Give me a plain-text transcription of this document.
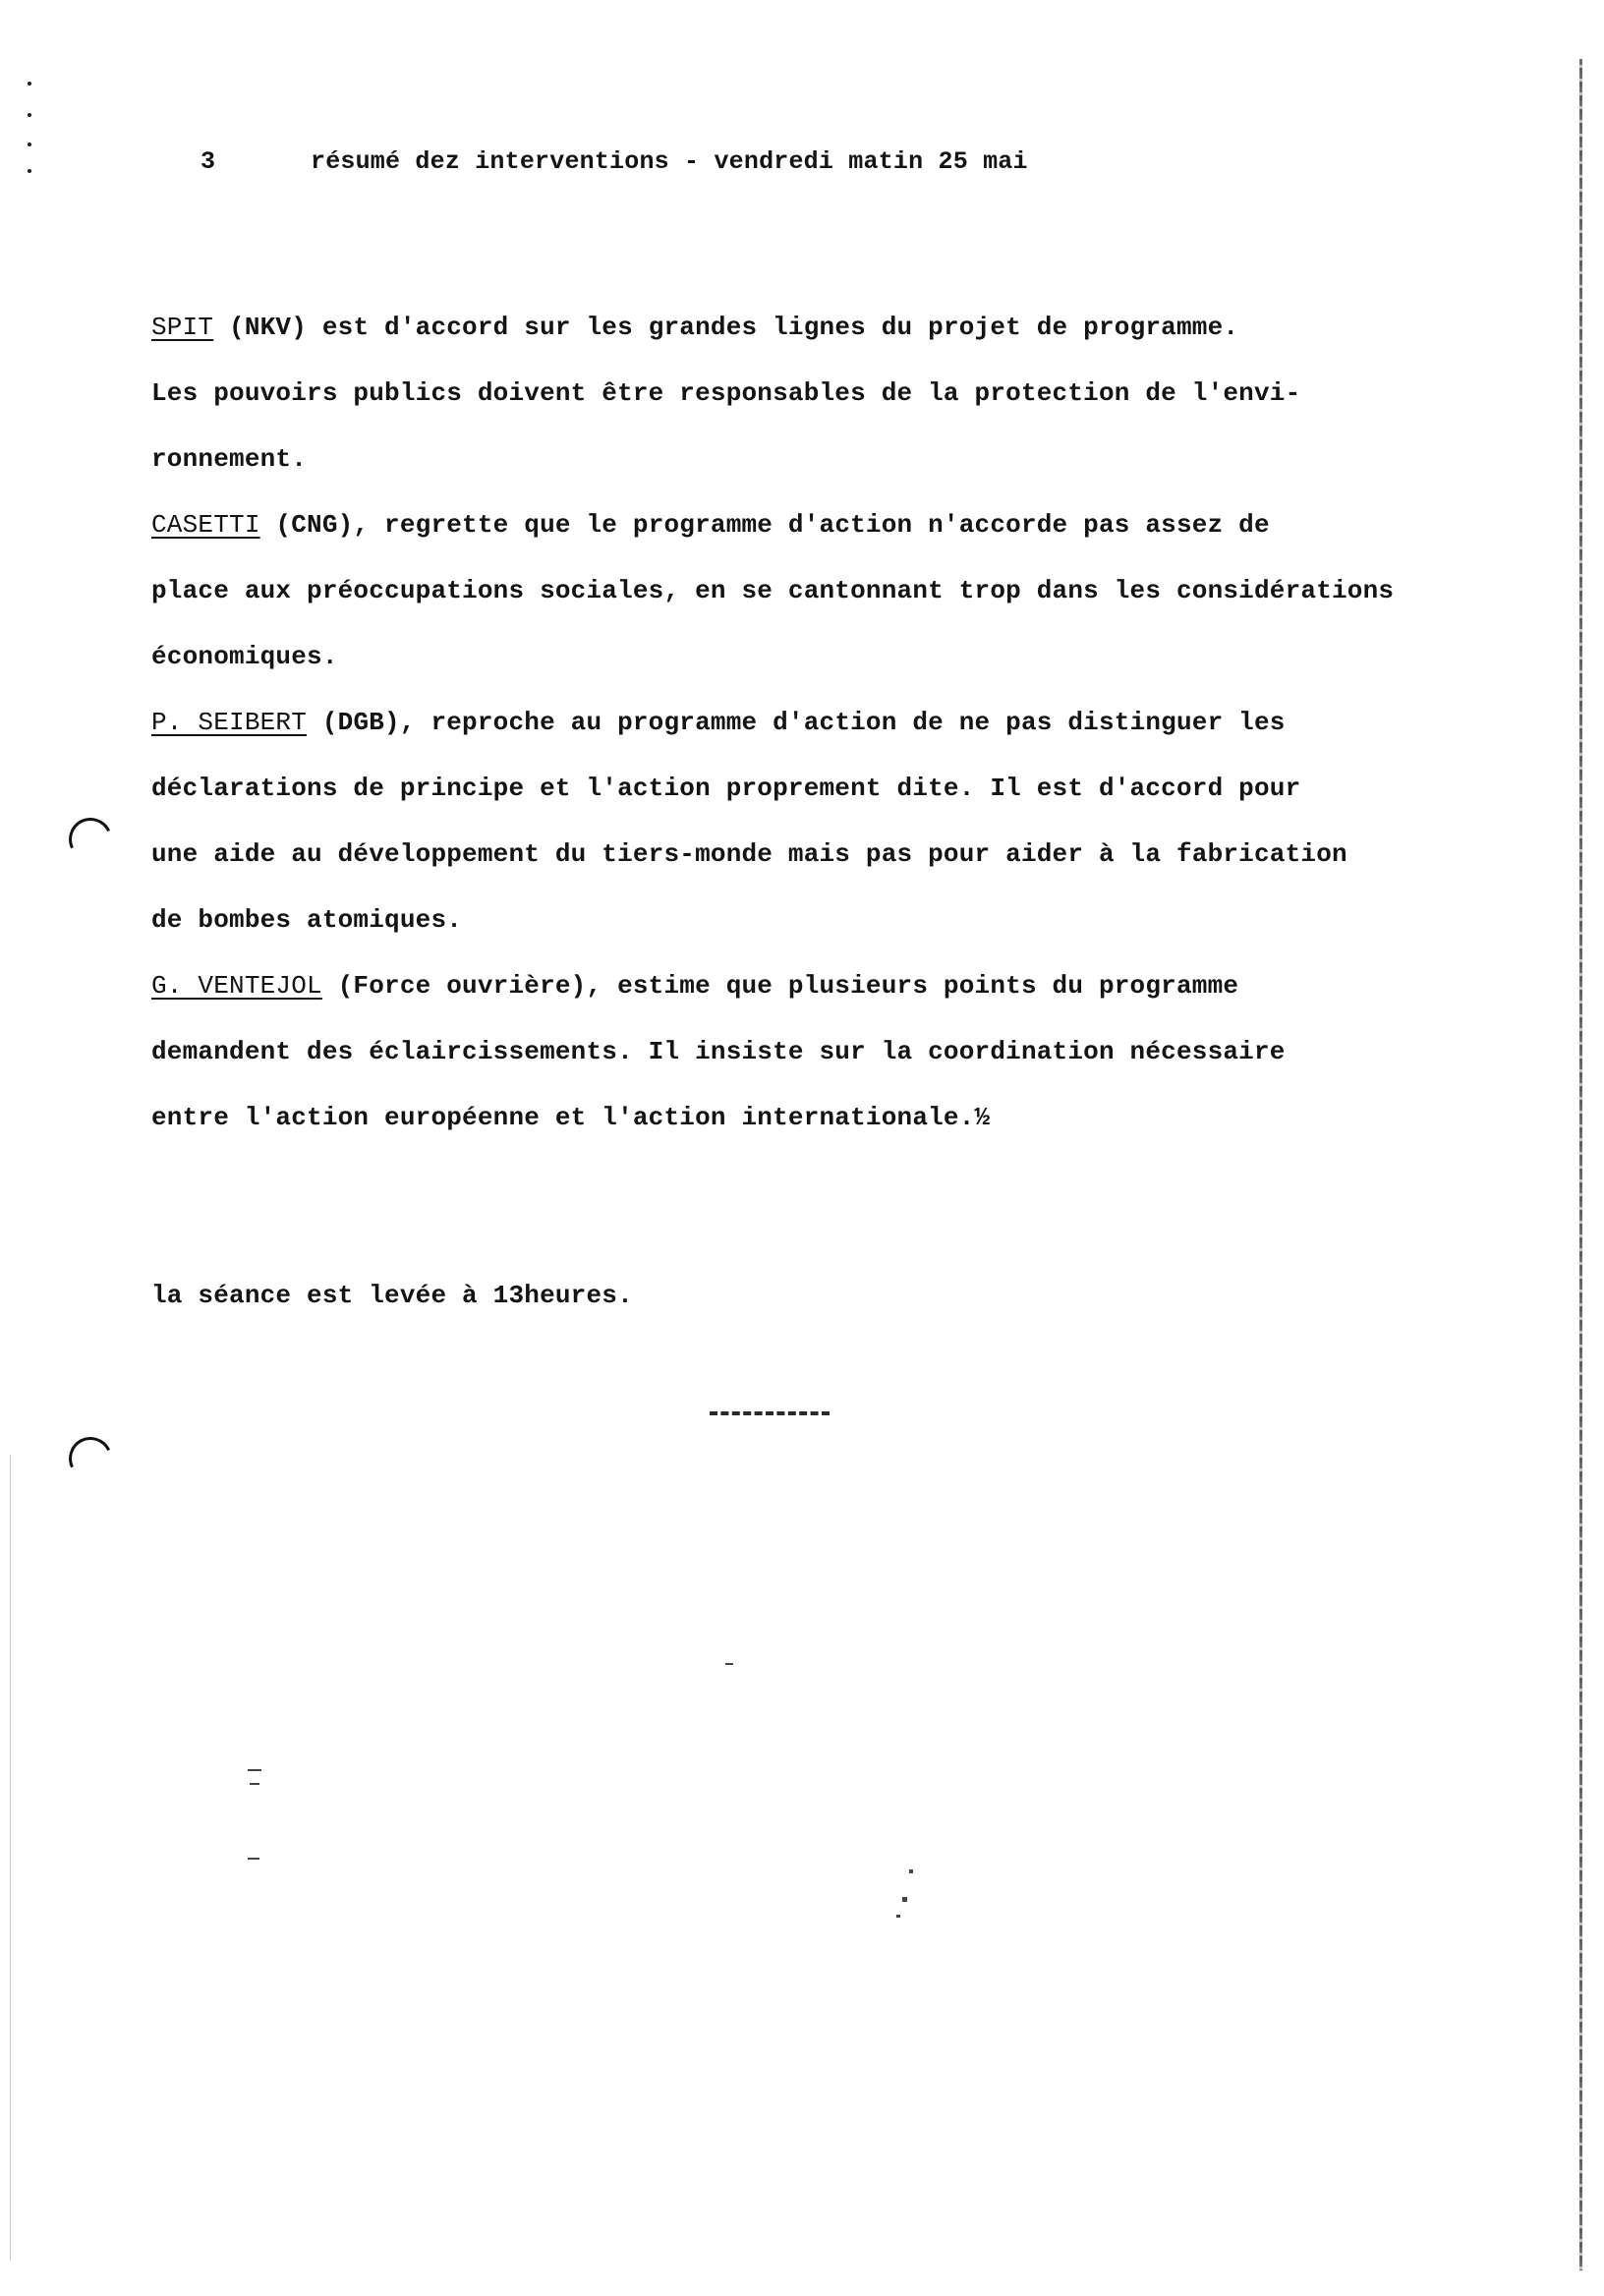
3	résumé dez interventions - vendredi matin 25 mai
SPIT (NKV) est d'accord sur les grandes lignes du projet de programme.
Les pouvoirs publics doivent être responsables de la protection de l'envi-
ronnement.
CASETTI (CNG), regrette que le programme d'action n'accorde pas assez de
place aux préoccupations sociales, en se cantonnant trop dans les considérations
économiques.
P. SEIBERT (DGB), reproche au programme d'action de ne pas distinguer les
déclarations de principe et l'action proprement dite. Il est d'accord pour
une aide au développement du tiers-monde mais pas pour aider à la fabrication
de bombes atomiques.
G. VENTEJOL (Force ouvrière), estime que plusieurs points du programme
demandent des éclaircissements. Il insiste sur la coordination nécessaire
entre l'action européenne et l'action internationale.½
la séance est levée à 13heures.
